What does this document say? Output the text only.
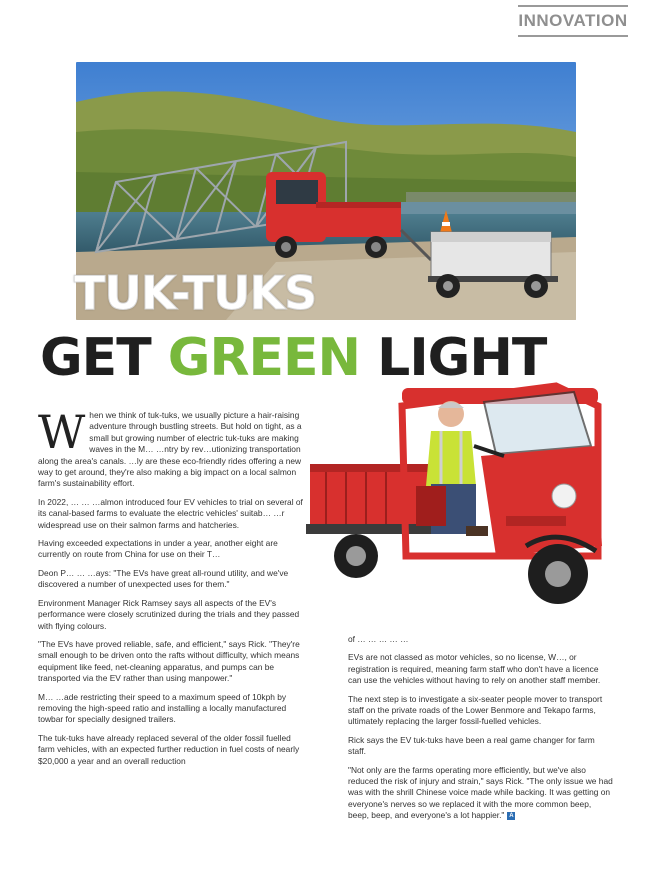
INNOVATION
TUK-TUKS
GET GREEN LIGHT

When we think of tuk-tuks, we usually picture a hair-raising adventure through bustling streets. But hold on tight, as a small but growing number of electric tuk-tuks are making waves in the M… …ntry by rev…utionizing transportation along the area's canals. …ly are these eco-friendly rides offering a new way to get around, they're also making a big impact on a local salmon farm's sustainability effort.

In 2022, … … …almon introduced four EV vehicles to trial on several of its canal-based farms to evaluate the electric vehicles' suitab… …r widespread use on their salmon farms and hatcheries.

Having exceeded expectations in under a year, another eight are currently on route from China for use on their T…

Deon P… … …ays: "The EVs have great all-round utility, and we've discovered a number of unexpected uses for them."

Environment Manager Rick Ramsey says all aspects of the EV's performance were closely scrutinized during the trials and they passed with flying colours.

"The EVs have proved reliable, safe, and efficient," says Rick. "They're small enough to be driven onto the rafts without difficulty, which means equipment like feed, net-cleaning apparatus, and pumps can be transported via the EV rather than using manpower."

M… …ade restricting their speed to a maximum speed of 10kph by removing the high-speed ratio and installing a locally manufactured towbar for specially designed trailers.

The tuk-tuks have already replaced several of the older fossil fuelled farm vehicles, with an expected further reduction in fuel costs of nearly $20,000 a year and an overall reduction

of … … … … …

EVs are not classed as motor vehicles, so no license, W…, or registration is required, meaning farm staff who don't have a licence can use the vehicles without having to rely on another staff member.

The next step is to investigate a six-seater people mover to transport staff on the private roads of the Lower Benmore and Tekapo farms, ultimately replacing the larger fossil-fuelled vehicles.

Rick says the EV tuk-tuks have been a real game changer for farm staff.

"Not only are the farms operating more efficiently, but we've also reduced the risk of injury and strain," says Rick. "The only issue we had was with the shrill Chinese voice made while backing. It was getting on everyone's nerves so we replaced it with the more common beep, beep, beep, and everyone's a lot happier." A
